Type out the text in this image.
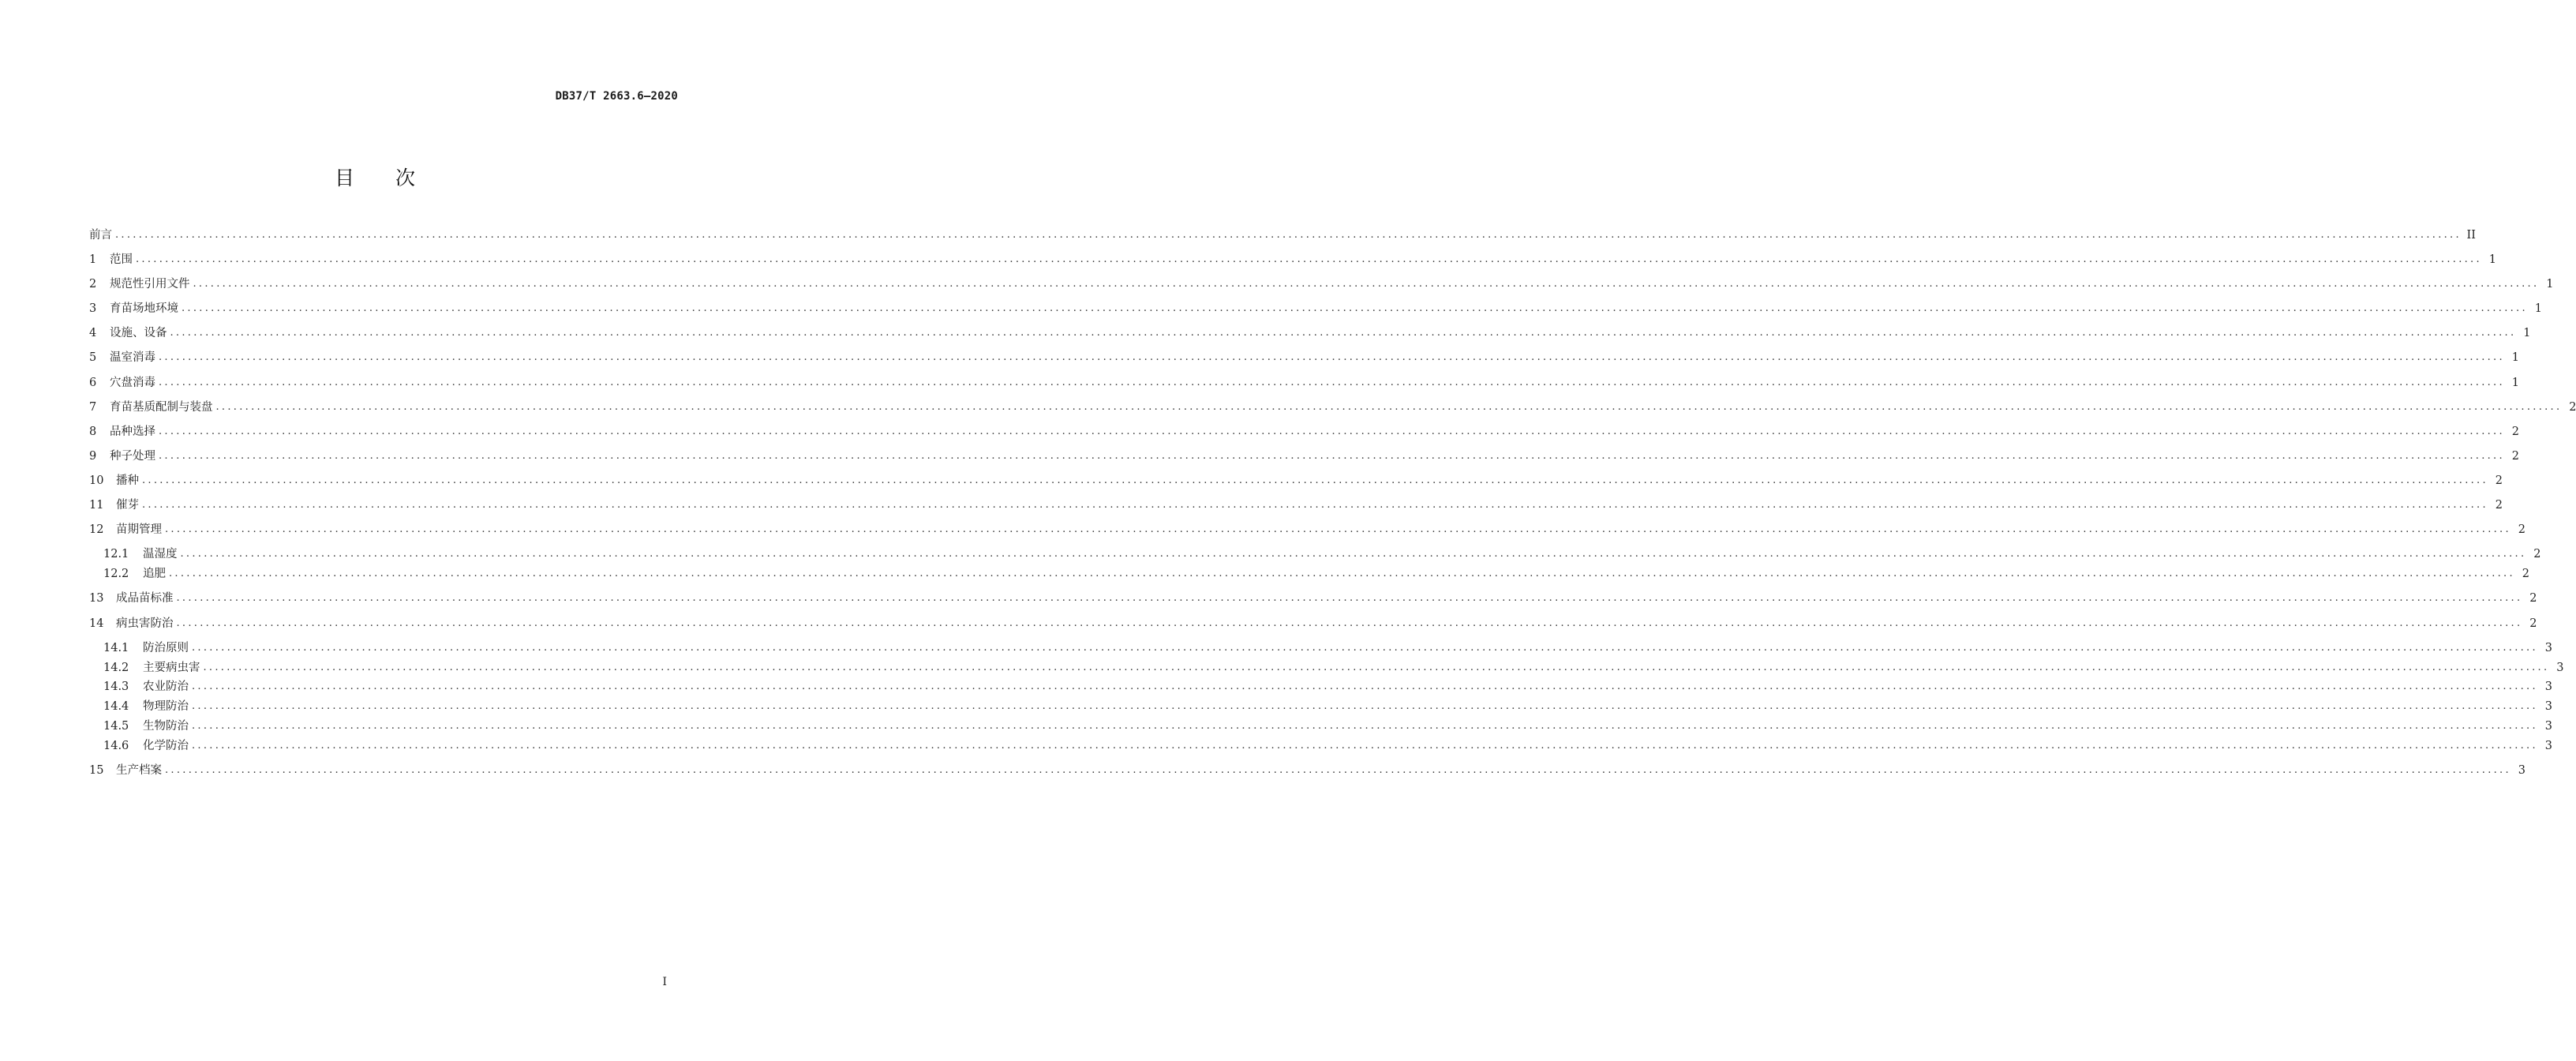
DB37/T 2663.6—2020
目 次
前言 ................................................................................................................................................................................................................................................................................................................................................................................................................ II
1	范围 ................................................................................................................................................................................................................................................................................................................................................................................................................ 1
2	规范性引用文件 ................................................................................................................................................................................................................................................................................................................................................................................................................ 1
3	育苗场地环境 ................................................................................................................................................................................................................................................................................................................................................................................................................ 1
4	设施、设备 ................................................................................................................................................................................................................................................................................................................................................................................................................ 1
5	温室消毒 ................................................................................................................................................................................................................................................................................................................................................................................................................ 1
6	穴盘消毒 ................................................................................................................................................................................................................................................................................................................................................................................................................ 1
7	育苗基质配制与装盘 ................................................................................................................................................................................................................................................................................................................................................................................................................ 2
8	品种选择 ................................................................................................................................................................................................................................................................................................................................................................................................................ 2
9	种子处理 ................................................................................................................................................................................................................................................................................................................................................................................................................ 2
10	播种 ................................................................................................................................................................................................................................................................................................................................................................................................................ 2
11	催芽 ................................................................................................................................................................................................................................................................................................................................................................................................................ 2
12	苗期管理 ................................................................................................................................................................................................................................................................................................................................................................................................................ 2
12.1	温湿度 ................................................................................................................................................................................................................................................................................................................................................................................................................ 2
12.2	追肥 ................................................................................................................................................................................................................................................................................................................................................................................................................ 2
13	成品苗标准 ................................................................................................................................................................................................................................................................................................................................................................................................................ 2
14	病虫害防治 ................................................................................................................................................................................................................................................................................................................................................................................................................ 2
14.1	防治原则 ................................................................................................................................................................................................................................................................................................................................................................................................................ 3
14.2	主要病虫害 ................................................................................................................................................................................................................................................................................................................................................................................................................ 3
14.3	农业防治 ................................................................................................................................................................................................................................................................................................................................................................................................................ 3
14.4	物理防治 ................................................................................................................................................................................................................................................................................................................................................................................................................ 3
14.5	生物防治 ................................................................................................................................................................................................................................................................................................................................................................................................................ 3
14.6	化学防治 ................................................................................................................................................................................................................................................................................................................................................................................................................ 3
15	生产档案 ................................................................................................................................................................................................................................................................................................................................................................................................................ 3
I
